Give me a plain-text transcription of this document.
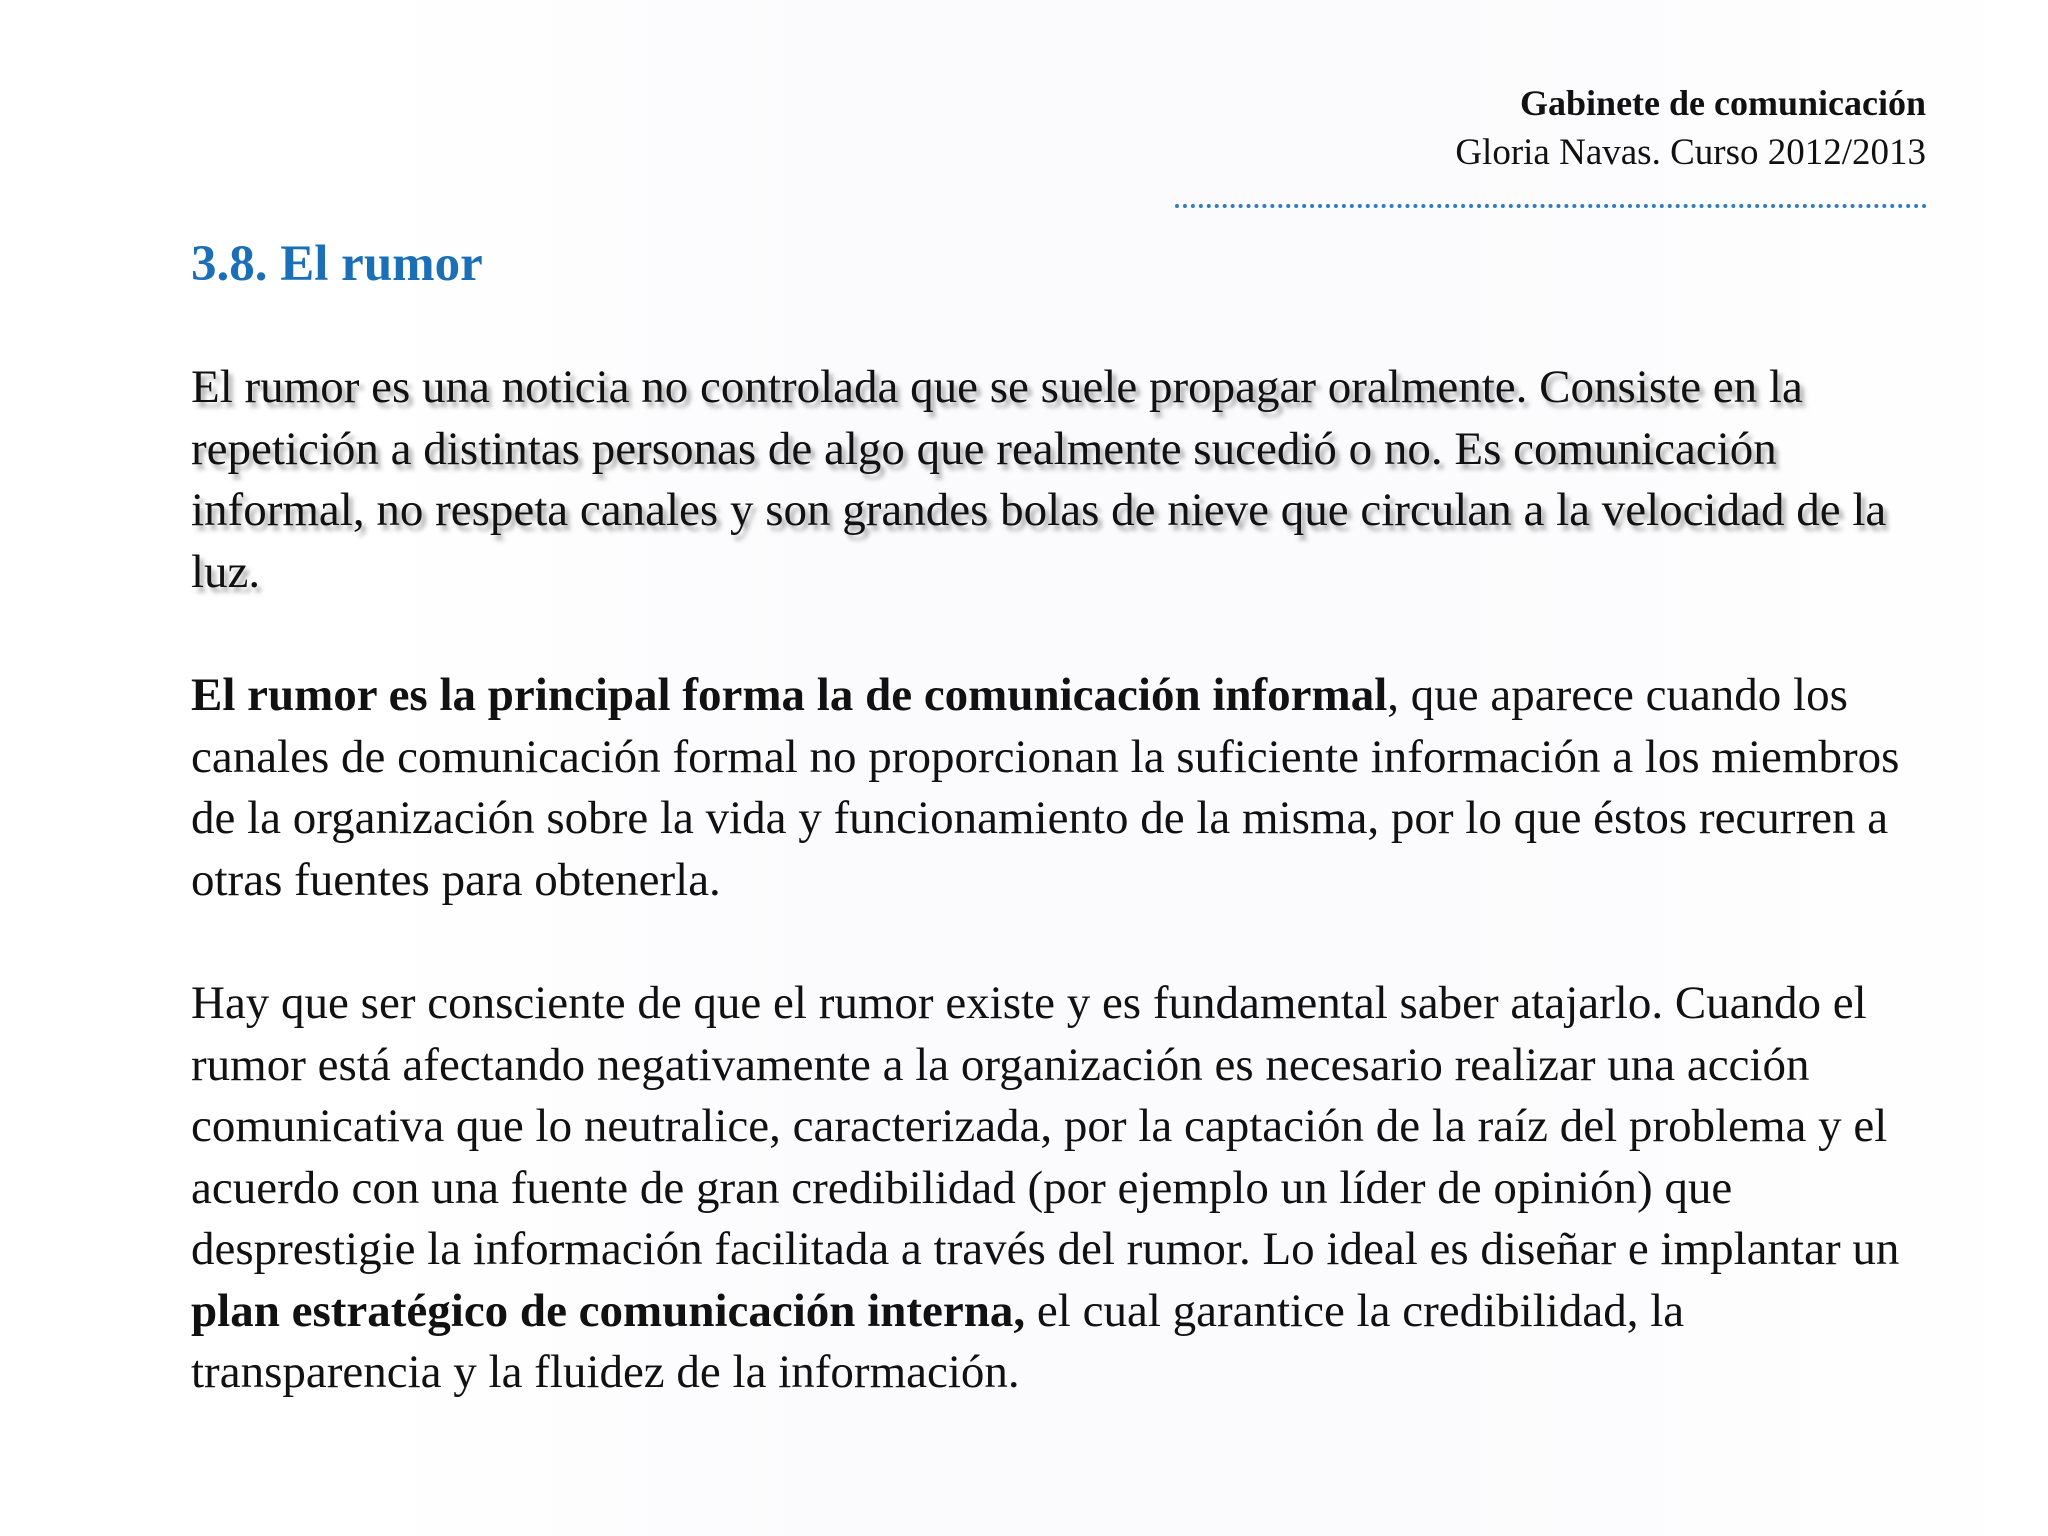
Gabinete de comunicación
Gloria Navas. Curso 2012/2013
3.8. El rumor

El rumor es una noticia no controlada que se suele propagar oralmente. Consiste en la repetición a distintas personas de algo que realmente sucedió o no. Es comunicación informal, no respeta canales y son grandes bolas de nieve que circulan a la velocidad de la luz.

El rumor es la principal forma la de comunicación informal, que aparece cuando los canales de comunicación formal no proporcionan la suficiente información a los miembros de la organización sobre la vida y funcionamiento de la misma, por lo que éstos recurren a otras fuentes para obtenerla.

Hay que ser consciente de que el rumor existe y es fundamental saber atajarlo. Cuando el rumor está afectando negativamente a la organización es necesario realizar una acción comunicativa que lo neutralice, caracterizada, por la captación de la raíz del problema y el acuerdo con una fuente de gran credibilidad (por ejemplo un líder de opinión) que desprestigie la información facilitada a través del rumor. Lo ideal es diseñar e implantar un plan estratégico de comunicación interna, el cual garantice la credibilidad, la transparencia y la fluidez de la información.
